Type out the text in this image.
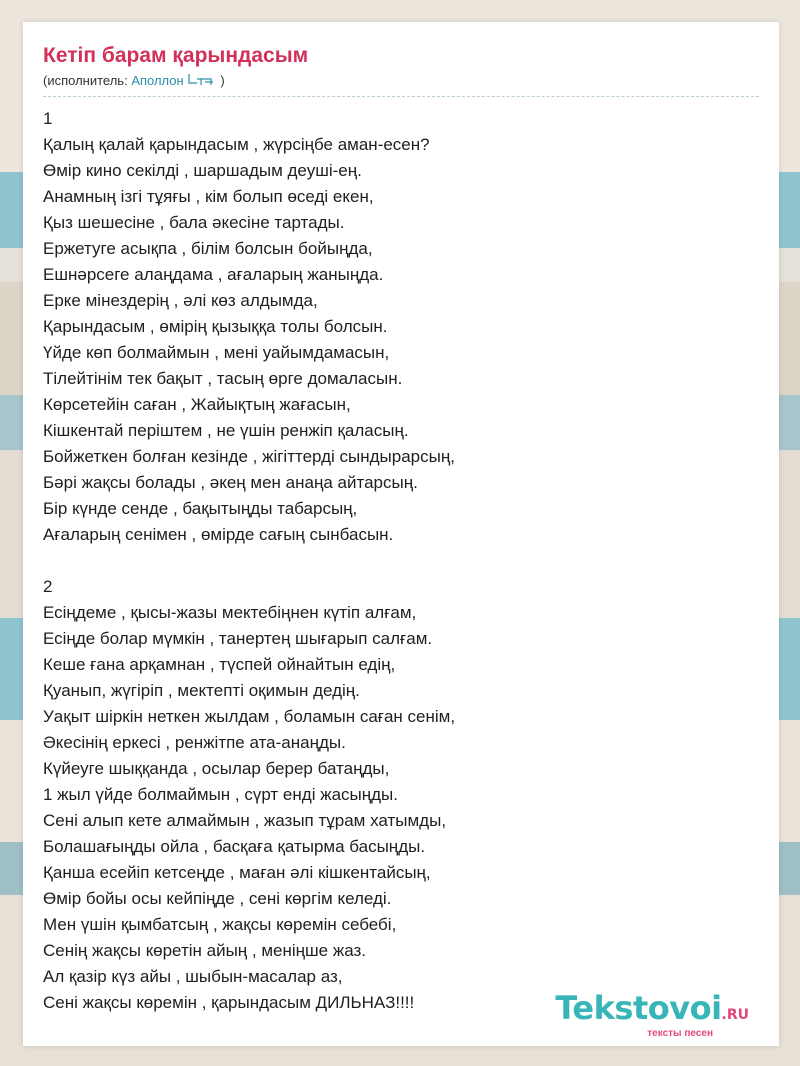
Кетіп барам қарындасым
(исполнитель: Аполлон	)
1
Қалың қалай қарындасым , жүрсіңбе аман-есен?
Өмір кино секілді , шаршадым деуші-ең.
Анамның ізгі тұяғы , кім болып өседі екен,
Қыз шешесіне , бала әкесіне тартады.
Ержетуге асықпа , білім болсын бойыңда,
Ешнәрсеге алаңдама , ағаларың жаныңда.
Ерке мінездерің , әлі көз алдымда,
Қарындасым , өмірің қызыққа толы болсын.
Үйде көп болмаймын , мені уайымдамасын,
Тілейтінім тек бақыт , тасың өрге домаласын.
Көрсетейін саған , Жайықтың жағасын,
Кішкентай періштем , не үшін ренжіп қаласың.
Бойжеткен болған кезінде , жігіттерді сындырарсың,
Бәрі жақсы болады , әкең мен анаңа айтарсың.
Бір күнде сенде , бақытыңды табарсың,
Ағаларың сенімен , өмірде сағың сынбасын.
2
Есіңдеме , қысы-жазы мектебіңнен күтіп алғам,
Есіңде болар мүмкін , танертең шығарып салғам.
Кеше ғана арқамнан , түспей ойнайтын едің,
Қуанып, жүгіріп , мектепті оқимын дедің.
Уақыт шіркін неткен жылдам , боламын саған сенім,
Әкесінің еркесі , ренжітпе ата-анаңды.
Күйеуге шыққанда , осылар берер батаңды,
1 жыл үйде болмаймын , сүрт енді жасыңды.
Сені алып кете алмаймын , жазып тұрам хатымды,
Болашағыңды ойла , басқаға қатырма басыңды.
Қанша есейіп кетсеңде , маған әлі кішкентайсың,
Өмір бойы осы кейпіңде , сені көргім келеді.
Мен үшін қымбатсың , жақсы көремін себебі,
Сенің жақсы көретін айың , меніңше жаз.
Ал қазір күз айы , шыбын-масалар аз,
Сені жақсы көремін , қарындасым ДИЛЬНАЗ!!!!	Tekstovoi.RU
тексты песен
